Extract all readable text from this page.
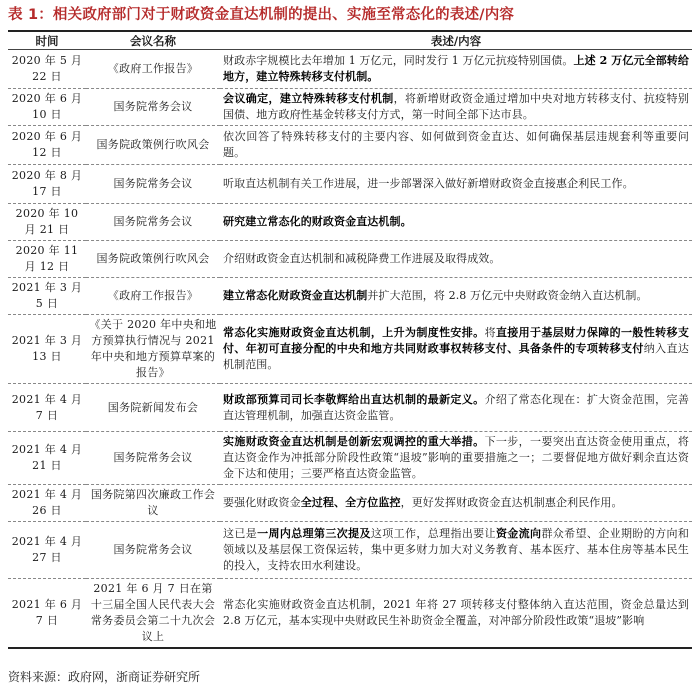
表 1：相关政府部门对于财政资金直达机制的提出、实施至常态化的表述/内容
时间	会议名称	表述/内容
2020 年 5 月 22 日	《政府工作报告》	财政赤字规模比去年增加 1 万亿元，同时发行 1 万亿元抗疫特别国债。上述 2 万亿元全部转给地方，建立特殊转移支付机制。
2020 年 6 月 10 日	国务院常务会议	会议确定，建立特殊转移支付机制，将新增财政资金通过增加中央对地方转移支付、抗疫特别国债、地方政府性基金转移支付方式，第一时间全部下达市县。
2020 年 6 月 12 日	国务院政策例行吹风会	依次回答了特殊转移支付的主要内容、如何做到资金直达、如何确保基层违规套利等重要问题。
2020 年 8 月 17 日	国务院常务会议	听取直达机制有关工作进展，进一步部署深入做好新增财政资金直接惠企利民工作。
2020 年 10 月 21 日	国务院常务会议	研究建立常态化的财政资金直达机制。
2020 年 11 月 12 日	国务院政策例行吹风会	介绍财政资金直达机制和减税降费工作进展及取得成效。
2021 年 3 月 5 日	《政府工作报告》	建立常态化财政资金直达机制并扩大范围，将 2.8 万亿元中央财政资金纳入直达机制。
2021 年 3 月 13 日	《关于 2020 年中央和地方预算执行情况与 2021 年中央和地方预算草案的报告》	常态化实施财政资金直达机制，上升为制度性安排。将直接用于基层财力保障的一般性转移支付、年初可直接分配的中央和地方共同财政事权转移支付、具备条件的专项转移支付纳入直达机制范围。
2021 年 4 月 7 日	国务院新闻发布会	财政部预算司司长李敬辉给出直达机制的最新定义。介绍了常态化现在：扩大资金范围，完善直达管理机制，加强直达资金监管。
2021 年 4 月 21 日	国务院常务会议	实施财政资金直达机制是创新宏观调控的重大举措。下一步，一要突出直达资金使用重点，将直达资金作为冲抵部分阶段性政策“退坡”影响的重要措施之一；二要督促地方做好剩余直达资金下达和使用；三要严格直达资金监管。
2021 年 4 月 26 日	国务院第四次廉政工作会议	要强化财政资金全过程、全方位监控，更好发挥财政资金直达机制惠企利民作用。
2021 年 4 月 27 日	国务院常务会议	这已是一周内总理第三次提及这项工作，总理指出要让资金流向群众希望、企业期盼的方向和领域以及基层保工资保运转，集中更多财力加大对义务教育、基本医疗、基本住房等基本民生的投入，支持农田水利建设。
2021 年 6 月 7 日	2021 年 6 月 7 日在第十三届全国人民代表大会常务委员会第二十九次会议上	常态化实施财政资金直达机制，2021 年将 27 项转移支付整体纳入直达范围，资金总量达到 2.8 万亿元，基本实现中央财政民生补助资金全覆盖，对冲部分阶段性政策“退坡”影响
资料来源：政府网，浙商证券研究所
